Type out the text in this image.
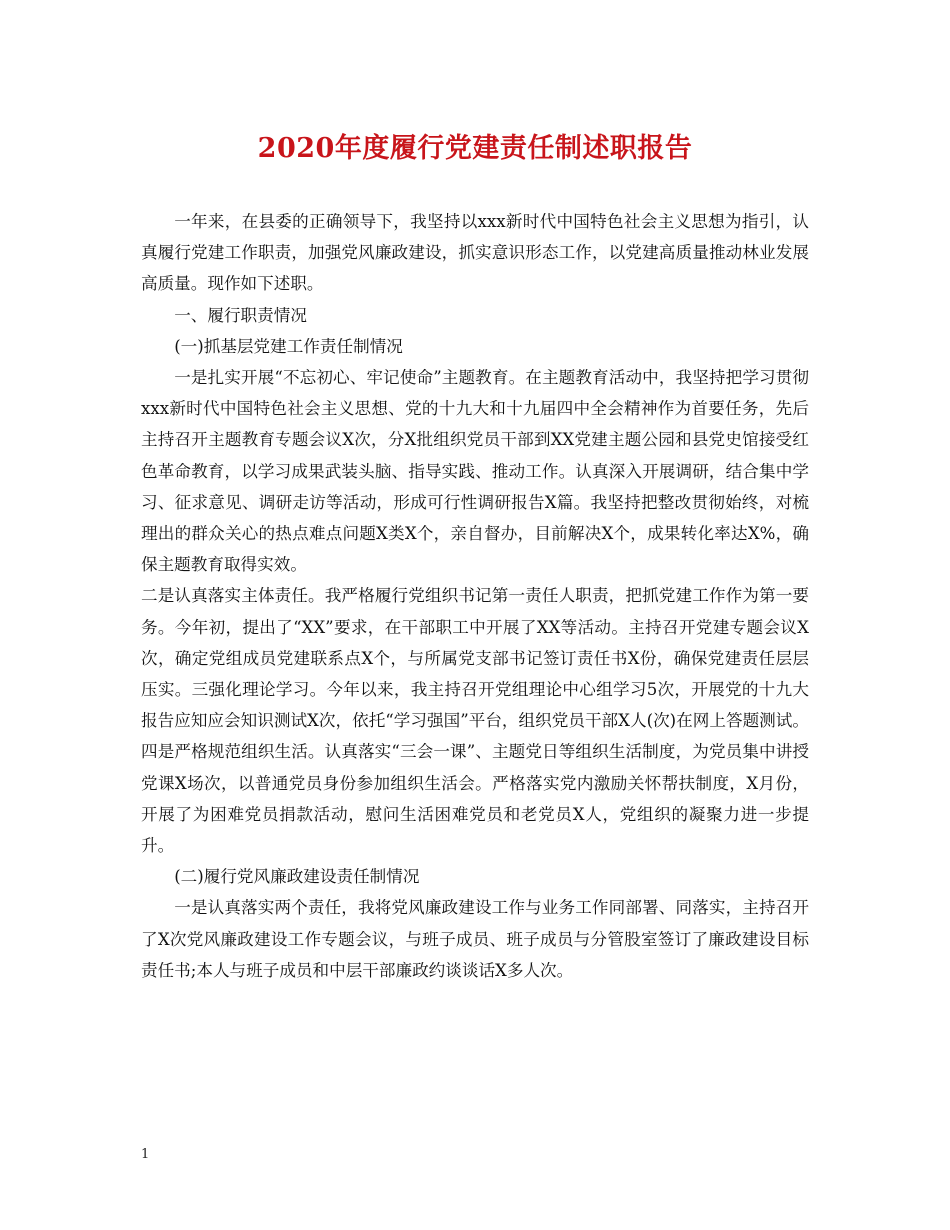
2020年度履行党建责任制述职报告

一年来，在县委的正确领导下，我坚持以xxx新时代中国特色社会主义思想为指引，认真履行党建工作职责，加强党风廉政建设，抓实意识形态工作，以党建高质量推动林业发展高质量。现作如下述职。

一、履行职责情况

(一)抓基层党建工作责任制情况

一是扎实开展“不忘初心、牢记使命”主题教育。在主题教育活动中，我坚持把学习贯彻xxx新时代中国特色社会主义思想、党的十九大和十九届四中全会精神作为首要任务，先后主持召开主题教育专题会议X次，分X批组织党员干部到XX党建主题公园和县党史馆接受红色革命教育，以学习成果武装头脑、指导实践、推动工作。认真深入开展调研，结合集中学习、征求意见、调研走访等活动，形成可行性调研报告X篇。我坚持把整改贯彻始终，对梳理出的群众关心的热点难点问题X类X个，亲自督办，目前解决X个，成果转化率达X%，确保主题教育取得实效。

二是认真落实主体责任。我严格履行党组织书记第一责任人职责，把抓党建工作作为第一要务。今年初，提出了“XX”要求，在干部职工中开展了XX等活动。主持召开党建专题会议X次，确定党组成员党建联系点X个，与所属党支部书记签订责任书X份，确保党建责任层层压实。三强化理论学习。今年以来，我主持召开党组理论中心组学习5次，开展党的十九大报告应知应会知识测试X次，依托“学习强国”平台，组织党员干部X人(次)在网上答题测试。四是严格规范组织生活。认真落实“三会一课”、主题党日等组织生活制度，为党员集中讲授党课X场次，以普通党员身份参加组织生活会。严格落实党内激励关怀帮扶制度，X月份，开展了为困难党员捐款活动，慰问生活困难党员和老党员X人，党组织的凝聚力进一步提升。

(二)履行党风廉政建设责任制情况

一是认真落实两个责任，我将党风廉政建设工作与业务工作同部署、同落实，主持召开了X次党风廉政建设工作专题会议，与班子成员、班子成员与分管股室签订了廉政建设目标责任书;本人与班子成员和中层干部廉政约谈谈话X多人次。

1
